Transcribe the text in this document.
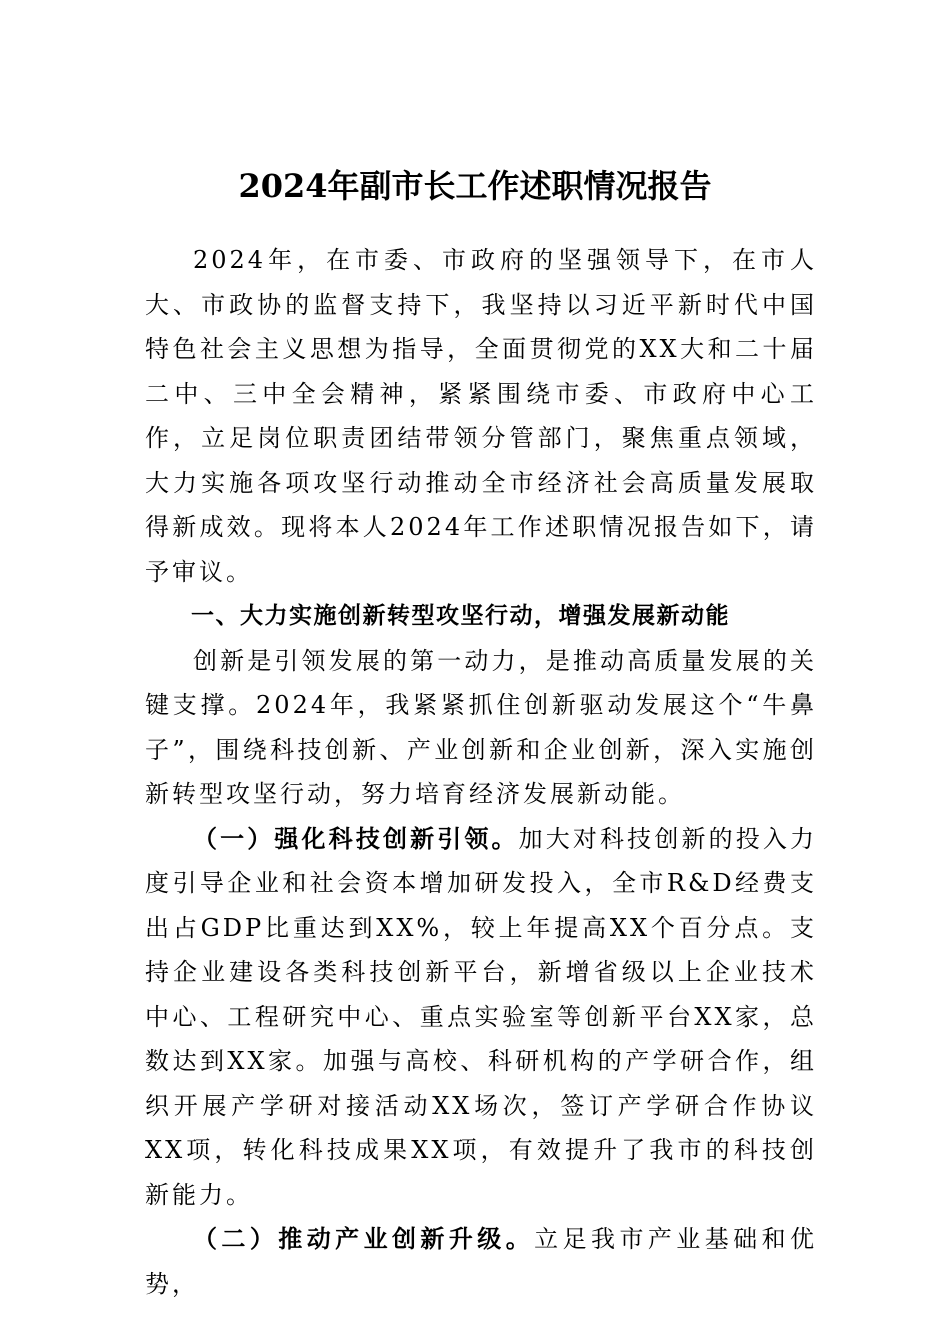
2024年副市长工作述职情况报告

2024年，在市委、市政府的坚强领导下，在市人大、市政协的监督支持下，我坚持以习近平新时代中国特色社会主义思想为指导，全面贯彻党的XX大和二十届二中、三中全会精神，紧紧围绕市委、市政府中心工作，立足岗位职责团结带领分管部门，聚焦重点领域，大力实施各项攻坚行动推动全市经济社会高质量发展取得新成效。现将本人2024年工作述职情况报告如下，请予审议。

一、大力实施创新转型攻坚行动，增强发展新动能

创新是引领发展的第一动力，是推动高质量发展的关键支撑。2024年，我紧紧抓住创新驱动发展这个“牛鼻子”，围绕科技创新、产业创新和企业创新，深入实施创新转型攻坚行动，努力培育经济发展新动能。

（一）强化科技创新引领。加大对科技创新的投入力度引导企业和社会资本增加研发投入，全市R&D经费支出占GDP比重达到XX%，较上年提高XX个百分点。支持企业建设各类科技创新平台，新增省级以上企业技术中心、工程研究中心、重点实验室等创新平台XX家，总数达到XX家。加强与高校、科研机构的产学研合作，组织开展产学研对接活动XX场次，签订产学研合作协议XX项，转化科技成果XX项，有效提升了我市的科技创新能力。

（二）推动产业创新升级。立足我市产业基础和优势，
